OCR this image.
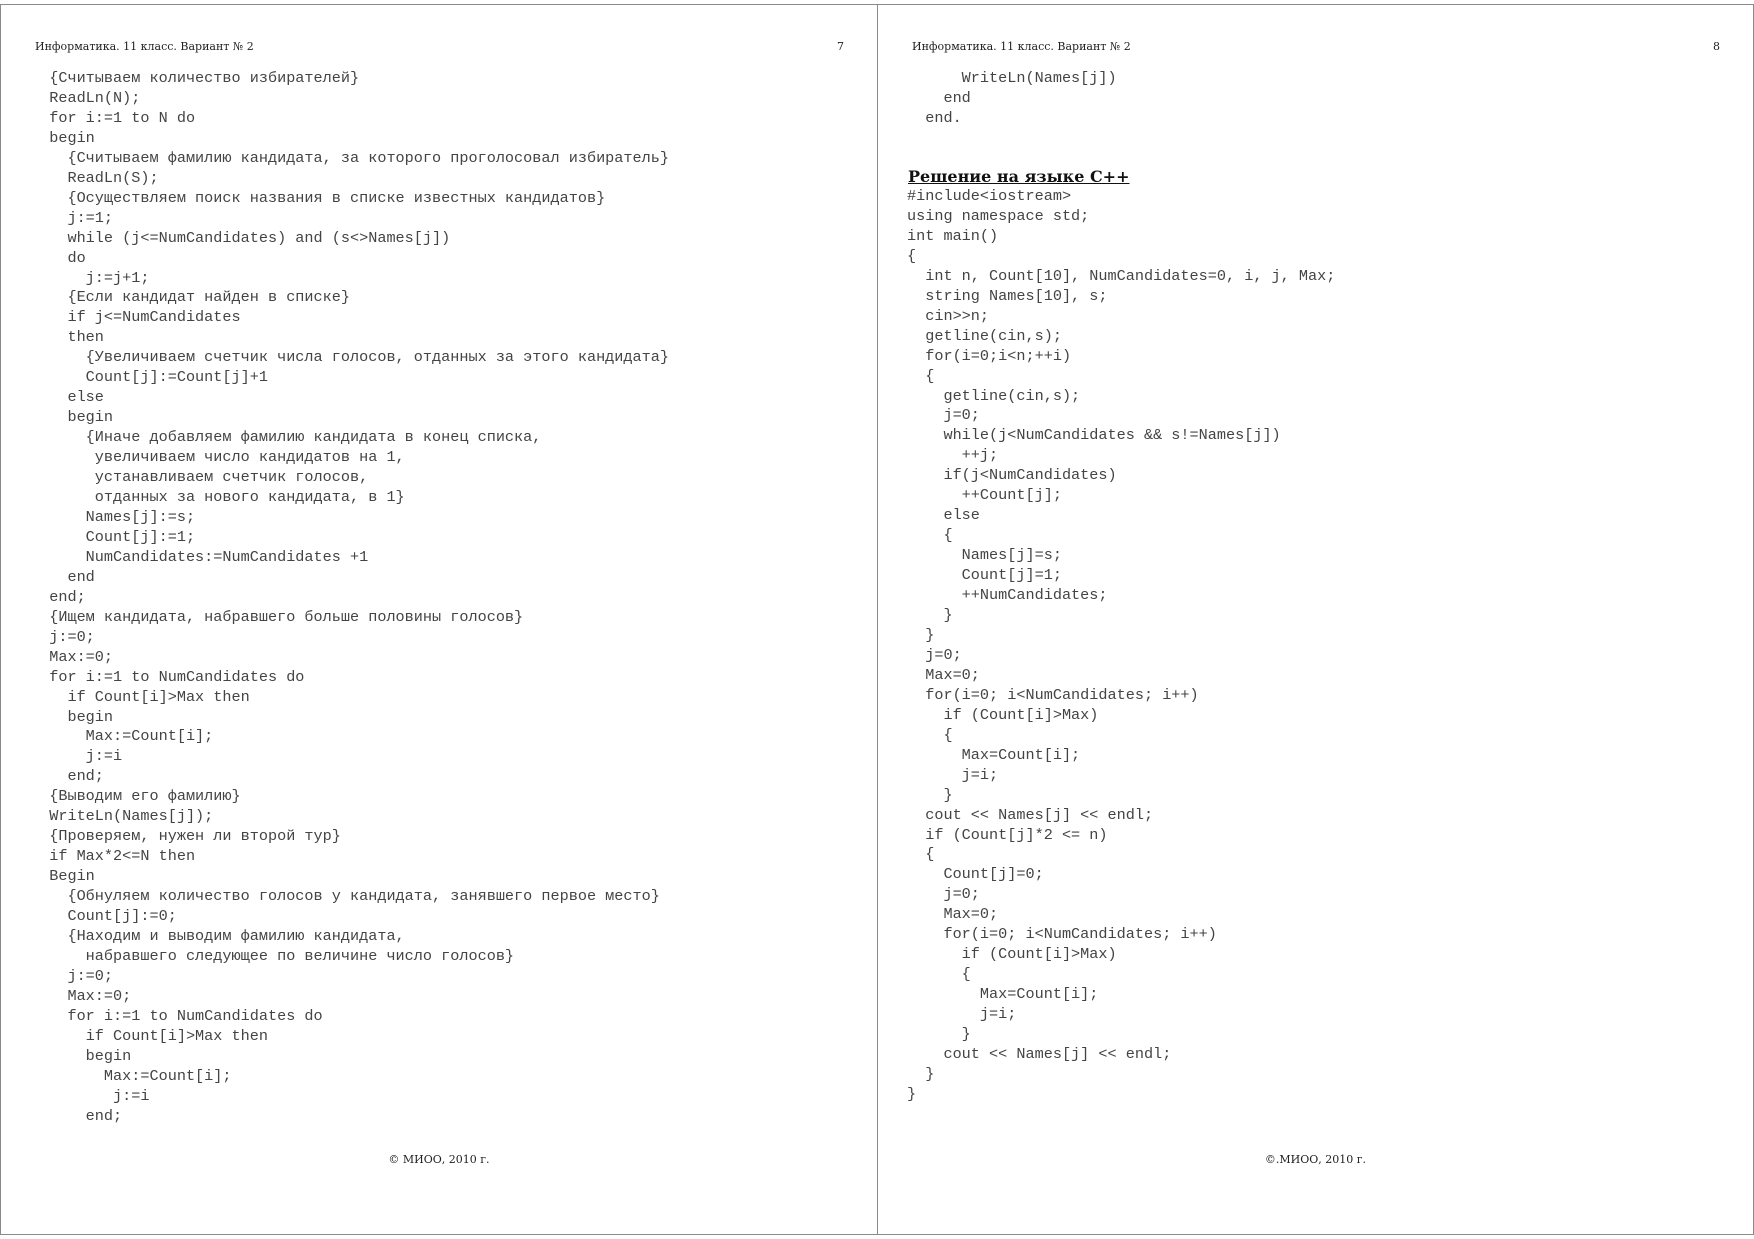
Информатика. 11 класс. Вариант № 2	7
{Считываем количество избирателей}
ReadLn(N);
for i:=1 to N do
begin
{Считываем фамилию кандидата, за которого проголосовал избиратель}
ReadLn(S);
{Осуществляем поиск названия в списке известных кандидатов}
j:=1;
while (j<=NumCandidates) and (s<>Names[j])
do
j:=j+1;
{Если кандидат найден в списке}
if j<=NumCandidates
then
{Увеличиваем счетчик числа голосов, отданных за этого кандидата}
Count[j]:=Count[j]+1
else
begin
{Иначе добавляем фамилию кандидата в конец списка,
увеличиваем число кандидатов на 1,
устанавливаем счетчик голосов,
отданных за нового кандидата, в 1}
Names[j]:=s;
Count[j]:=1;
NumCandidates:=NumCandidates +1
end
end;
{Ищем кандидата, набравшего больше половины голосов}
j:=0;
Max:=0;
for i:=1 to NumCandidates do
if Count[i]>Max then
begin
Max:=Count[i];
j:=i
end;
{Выводим его фамилию}
WriteLn(Names[j]);
{Проверяем, нужен ли второй тур}
if Max*2<=N then
Begin
{Обнуляем количество голосов у кандидата, занявшего первое место}
Count[j]:=0;
{Находим и выводим фамилию кандидата,
набравшего следующее по величине число голосов}
j:=0;
Max:=0;
for i:=1 to NumCandidates do
if Count[i]>Max then
begin
Max:=Count[i];
j:=i
end;
© МИОО, 2010 г.
Информатика. 11 класс. Вариант № 2	8
WriteLn(Names[j])
end
end.
Решение на языке C++
#include<iostream>
using namespace std;
int main()
{
int n, Count[10], NumCandidates=0, i, j, Max;
string Names[10], s;
cin>>n;
getline(cin,s);
for(i=0;i<n;++i)
{
getline(cin,s);
j=0;
while(j<NumCandidates && s!=Names[j])
++j;
if(j<NumCandidates)
++Count[j];
else
{
Names[j]=s;
Count[j]=1;
++NumCandidates;
}
}
j=0;
Max=0;
for(i=0; i<NumCandidates; i++)
if (Count[i]>Max)
{
Max=Count[i];
j=i;
}
cout << Names[j] << endl;
if (Count[j]*2 <= n)
{
Count[j]=0;
j=0;
Max=0;
for(i=0; i<NumCandidates; i++)
if (Count[i]>Max)
{
Max=Count[i];
j=i;
}
cout << Names[j] << endl;
}
}
©.МИОО, 2010 г.
